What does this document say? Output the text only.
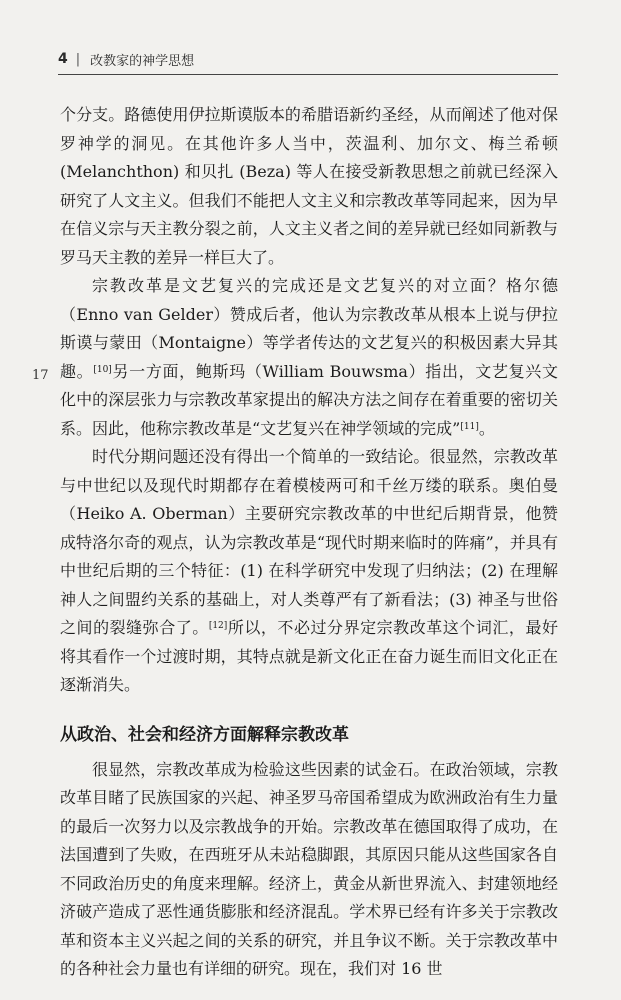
4 | 改教家的神学思想
17

个分支。路德使用伊拉斯谟版本的希腊语新约圣经，从而阐述了他对保罗神学的洞见。在其他许多人当中，茨温利、加尔文、梅兰希顿(Melanchthon) 和贝扎 (Beza) 等人在接受新教思想之前就已经深入研究了人文主义。但我们不能把人文主义和宗教改革等同起来，因为早在信义宗与天主教分裂之前，人文主义者之间的差异就已经如同新教与罗马天主教的差异一样巨大了。

宗教改革是文艺复兴的完成还是文艺复兴的对立面？格尔德（Enno van Gelder）赞成后者，他认为宗教改革从根本上说与伊拉斯谟与蒙田（Montaigne）等学者传达的文艺复兴的积极因素大异其趣。[10]另一方面，鲍斯玛（William Bouwsma）指出，文艺复兴文化中的深层张力与宗教改革家提出的解决方法之间存在着重要的密切关系。因此，他称宗教改革是“文艺复兴在神学领域的完成”[11]。

时代分期问题还没有得出一个简单的一致结论。很显然，宗教改革与中世纪以及现代时期都存在着模棱两可和千丝万缕的联系。奥伯曼（Heiko A. Oberman）主要研究宗教改革的中世纪后期背景，他赞成特洛尔奇的观点，认为宗教改革是“现代时期来临时的阵痛”，并具有中世纪后期的三个特征：(1) 在科学研究中发现了归纳法；(2) 在理解神人之间盟约关系的基础上，对人类尊严有了新看法；(3) 神圣与世俗之间的裂缝弥合了。[12]所以，不必过分界定宗教改革这个词汇，最好将其看作一个过渡时期，其特点就是新文化正在奋力诞生而旧文化正在逐渐消失。

从政治、社会和经济方面解释宗教改革

很显然，宗教改革成为检验这些因素的试金石。在政治领域，宗教改革目睹了民族国家的兴起、神圣罗马帝国希望成为欧洲政治有生力量的最后一次努力以及宗教战争的开始。宗教改革在德国取得了成功，在法国遭到了失败，在西班牙从未站稳脚跟，其原因只能从这些国家各自不同政治历史的角度来理解。经济上，黄金从新世界流入、封建领地经济破产造成了恶性通货膨胀和经济混乱。学术界已经有许多关于宗教改革和资本主义兴起之间的关系的研究，并且争议不断。关于宗教改革中的各种社会力量也有详细的研究。现在，我们对 16 世
